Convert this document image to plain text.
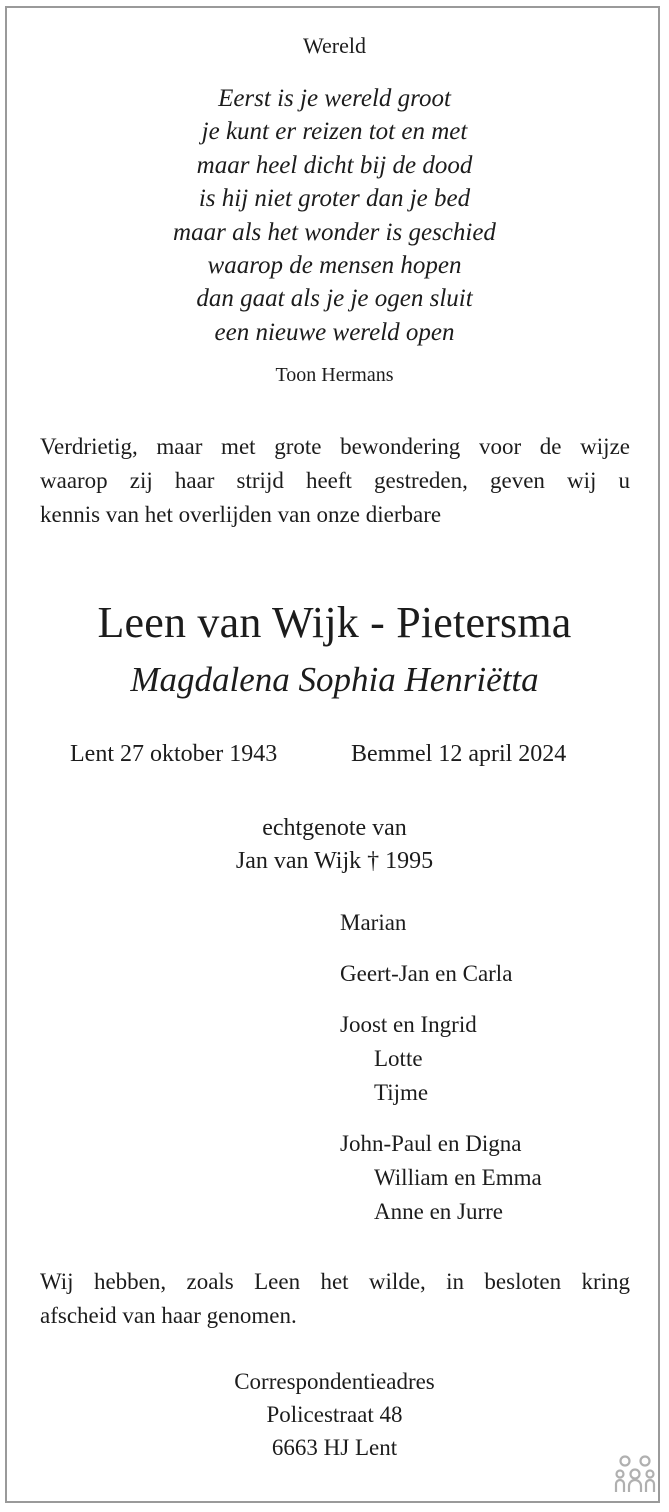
Wereld
Eerst is je wereld groot
je kunt er reizen tot en met
maar heel dicht bij de dood
is hij niet groter dan je bed
maar als het wonder is geschied
waarop de mensen hopen
dan gaat als je je ogen sluit
een nieuwe wereld open
Toon Hermans
Verdrietig, maar met grote bewondering voor de wijze
waarop zij haar strijd heeft gestreden, geven wij u
kennis van het overlijden van onze dierbare
Leen van Wijk - Pietersma
Magdalena Sophia Henriëtta
Lent 27 oktober 1943	Bemmel 12 april 2024
echtgenote van
Jan van Wijk † 1995
Marian
Geert-Jan en Carla
Joost en Ingrid
Lotte
Tijme
John-Paul en Digna
William en Emma
Anne en Jurre
Wij hebben, zoals Leen het wilde, in besloten kring
afscheid van haar genomen.
Correspondentieadres
Policestraat 48
6663 HJ Lent
